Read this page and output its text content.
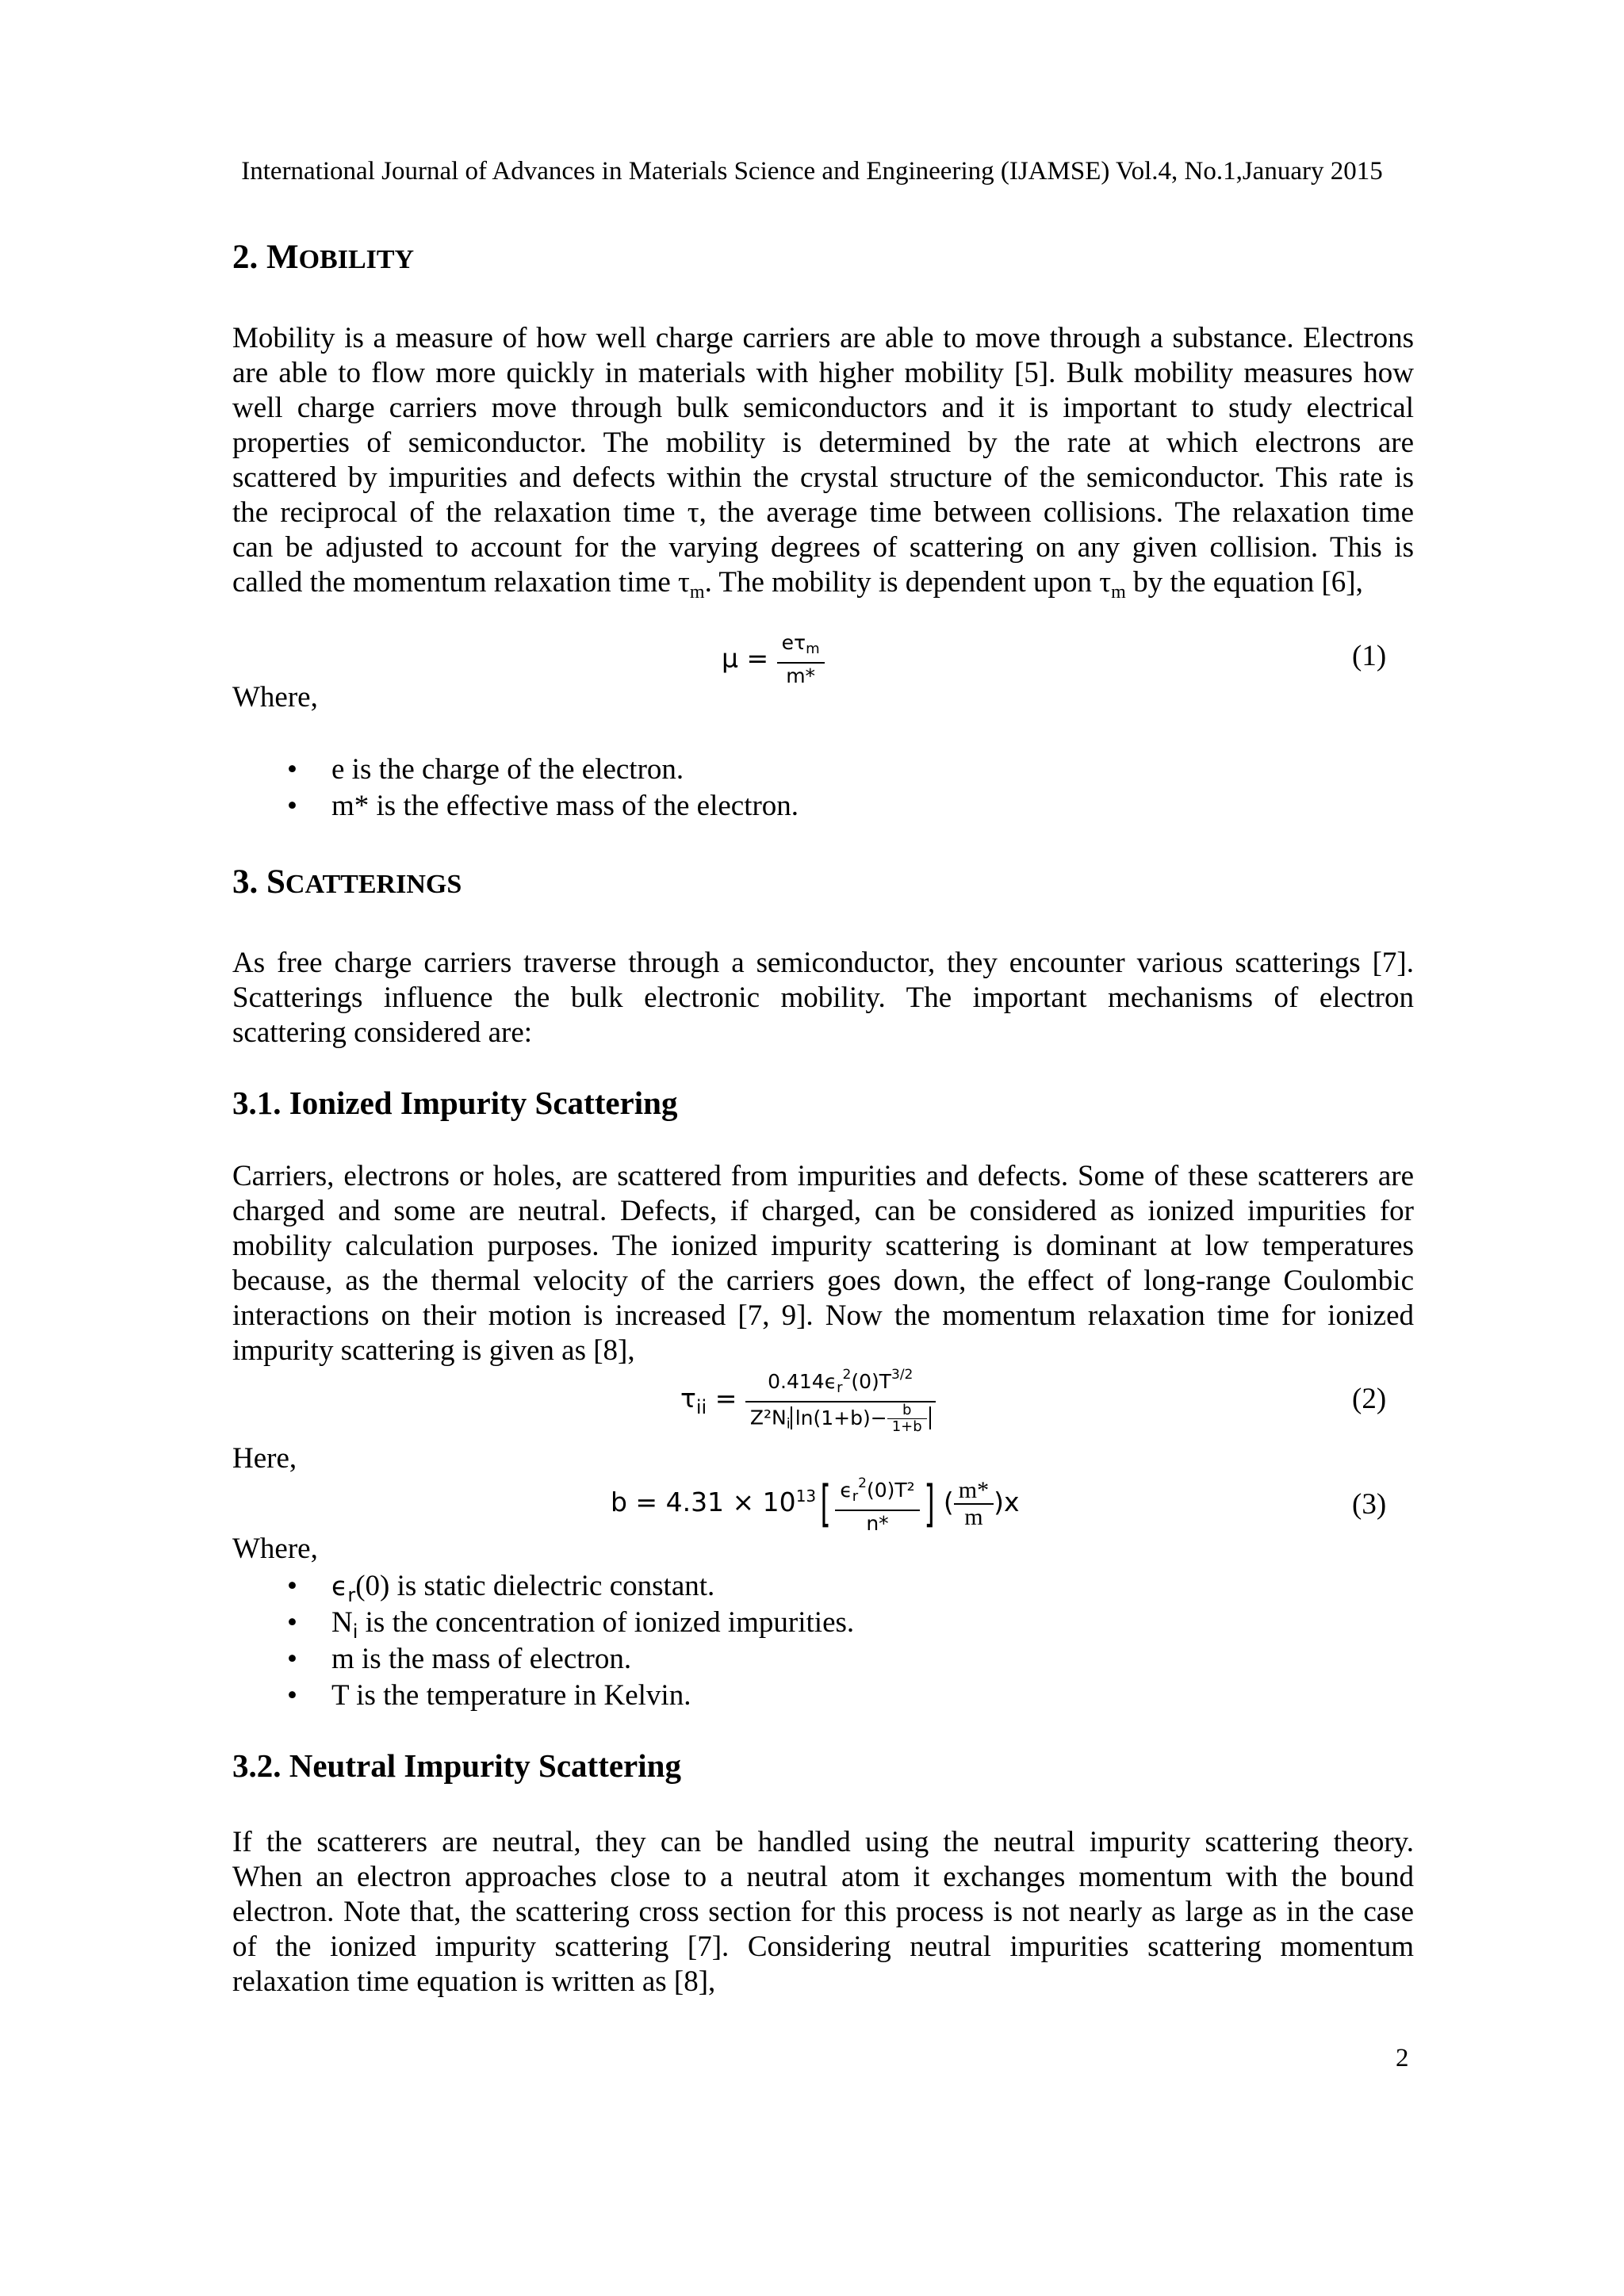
International Journal of Advances in Materials Science and Engineering (IJAMSE) Vol.4, No.1,January 2015
2. MOBILITY
Mobility is a measure of how well charge carriers are able to move through a substance. Electrons
are able to flow more quickly in materials with higher mobility [5]. Bulk mobility measures how
well charge carriers move through bulk semiconductors and it is important to study electrical
properties of semiconductor. The mobility is determined by the rate at which electrons are
scattered by impurities and defects within the crystal structure of the semiconductor. This rate is
the reciprocal of the relaxation time τ, the average time between collisions. The relaxation time
can be adjusted to account for the varying degrees of scattering on any given collision. This is
called the momentum relaxation time $\tau_m$. The mobility is dependent upon $\tau_m$ by the equation [6],
$\mu = \frac{e\tau_m}{m*}$	(1)
Where,
• e is the charge of the electron.
• m* is the effective mass of the electron.
3. SCATTERINGS
As free charge carriers traverse through a semiconductor, they encounter various scatterings [7].
Scatterings influence the bulk electronic mobility. The important mechanisms of electron
scattering considered are:
3.1. Ionized Impurity Scattering
Carriers, electrons or holes, are scattered from impurities and defects. Some of these scatterers are
charged and some are neutral. Defects, if charged, can be considered as ionized impurities for
mobility calculation purposes. The ionized impurity scattering is dominant at low temperatures
because, as the thermal velocity of the carriers goes down, the effect of long-range Coulombic
interactions on their motion is increased [7, 9]. Now the momentum relaxation time for ionized
impurity scattering is given as [8],
$\tau_{ii} = \frac{0.414\epsilon_r^2(0)T^{3/2}}{Z^2N_i \ln(1+b)- \frac{b}{1+b}}$	(2)
Here,
$b = 4.31 \times 10^{13}[ \frac{\epsilon_r^2(0)T^2}{n*}$ ] ( $\frac{m*}{m} )x$	(3)
Where,
• $\epsilon_r(0)$ is static dielectric constant.
• $N_i$ is the concentration of ionized impurities.
• m is the mass of electron.
• T is the temperature in Kelvin.
3.2. Neutral Impurity Scattering
If the scatterers are neutral, they can be handled using the neutral impurity scattering theory.
When an electron approaches close to a neutral atom it exchanges momentum with the bound
electron. Note that, the scattering cross section for this process is not nearly as large as in the case
of the ionized impurity scattering [7]. Considering neutral impurities scattering momentum
relaxation time equation is written as [8],
2
